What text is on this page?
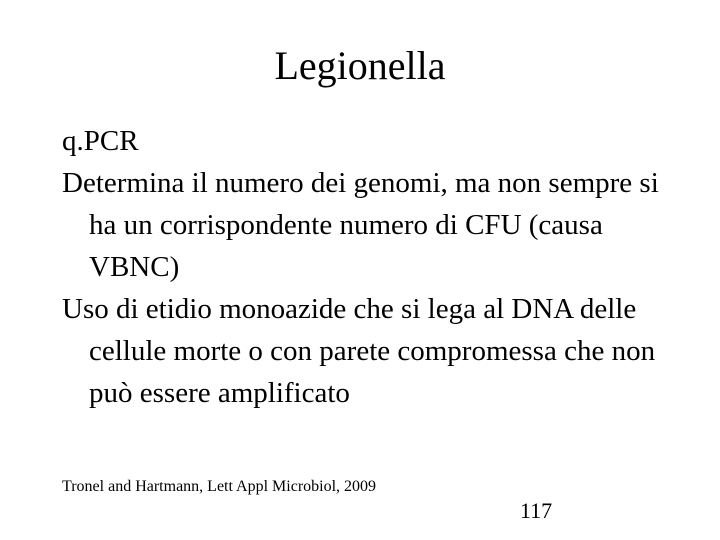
Legionella

q.PCR

Determina il numero dei genomi, ma non sempre si ha un corrispondente numero di CFU (causa VBNC)

Uso di etidio monoazide che si lega al DNA delle cellule morte o con parete compromessa che non può essere amplificato

Tronel and Hartmann, Lett Appl Microbiol, 2009
117
